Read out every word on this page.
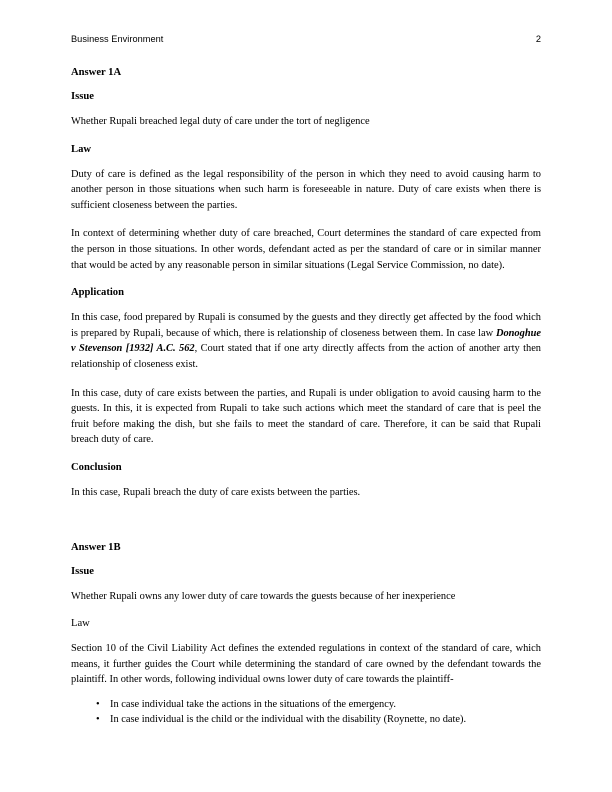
Business Environment	2
Answer 1A
Issue

Whether Rupali breached legal duty of care under the tort of negligence

Law

Duty of care is defined as the legal responsibility of the person in which they need to avoid causing harm to another person in those situations when such harm is foreseeable in nature. Duty of care exists when there is sufficient closeness between the parties.

In context of determining whether duty of care breached, Court determines the standard of care expected from the person in those situations. In other words, defendant acted as per the standard of care or in similar manner that would be acted by any reasonable person in similar situations (Legal Service Commission, no date).

Application

In this case, food prepared by Rupali is consumed by the guests and they directly get affected by the food which is prepared by Rupali, because of which, there is relationship of closeness between them. In case law Donoghue v Stevenson [1932] A.C. 562, Court stated that if one arty directly affects from the action of another arty then relationship of closeness exist.

In this case, duty of care exists between the parties, and Rupali is under obligation to avoid causing harm to the guests. In this, it is expected from Rupali to take such actions which meet the standard of care that is peel the fruit before making the dish, but she fails to meet the standard of care. Therefore, it can be said that Rupali breach duty of care.

Conclusion

In this case, Rupali breach the duty of care exists between the parties.

Answer 1B
Issue

Whether Rupali owns any lower duty of care towards the guests because of her inexperience

Law

Section 10 of the Civil Liability Act defines the extended regulations in context of the standard of care, which means, it further guides the Court while determining the standard of care owned by the defendant towards the plaintiff. In other words, following individual owns lower duty of care towards the plaintiff-

• In case individual take the actions in the situations of the emergency.
• In case individual is the child or the individual with the disability (Roynette, no date).
